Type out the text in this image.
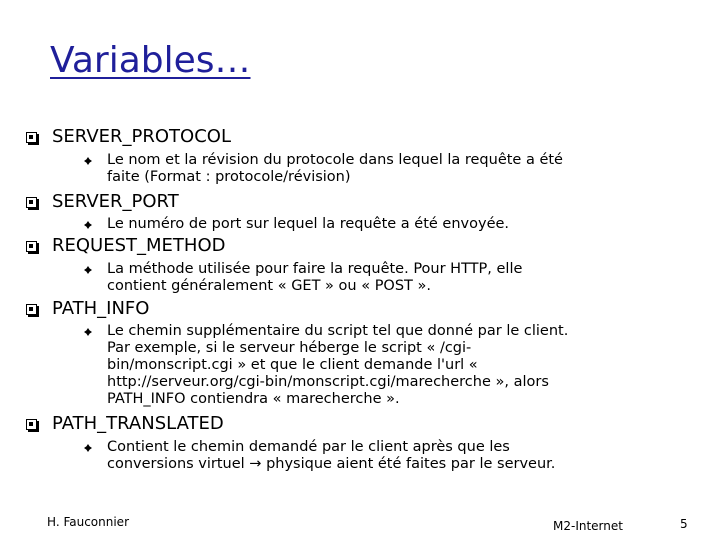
Variables…
SERVER_PROTOCOL
Le nom et la révision du protocole dans lequel la requête a été
faite (Format : protocole/révision)
SERVER_PORT
Le numéro de port sur lequel la requête a été envoyée.
REQUEST_METHOD
La méthode utilisée pour faire la requête. Pour HTTP, elle
contient généralement « GET » ou « POST ».
PATH_INFO
Le chemin supplémentaire du script tel que donné par le client.
Par exemple, si le serveur héberge le script « /cgi-
bin/monscript.cgi » et que le client demande l'url «
http://serveur.org/cgi-bin/monscript.cgi/marecherche », alors
PATH_INFO contiendra « marecherche ».
PATH_TRANSLATED
Contient le chemin demandé par le client après que les
conversions virtuel → physique aient été faites par le serveur.
H. Fauconnier	M2-Internet	5
